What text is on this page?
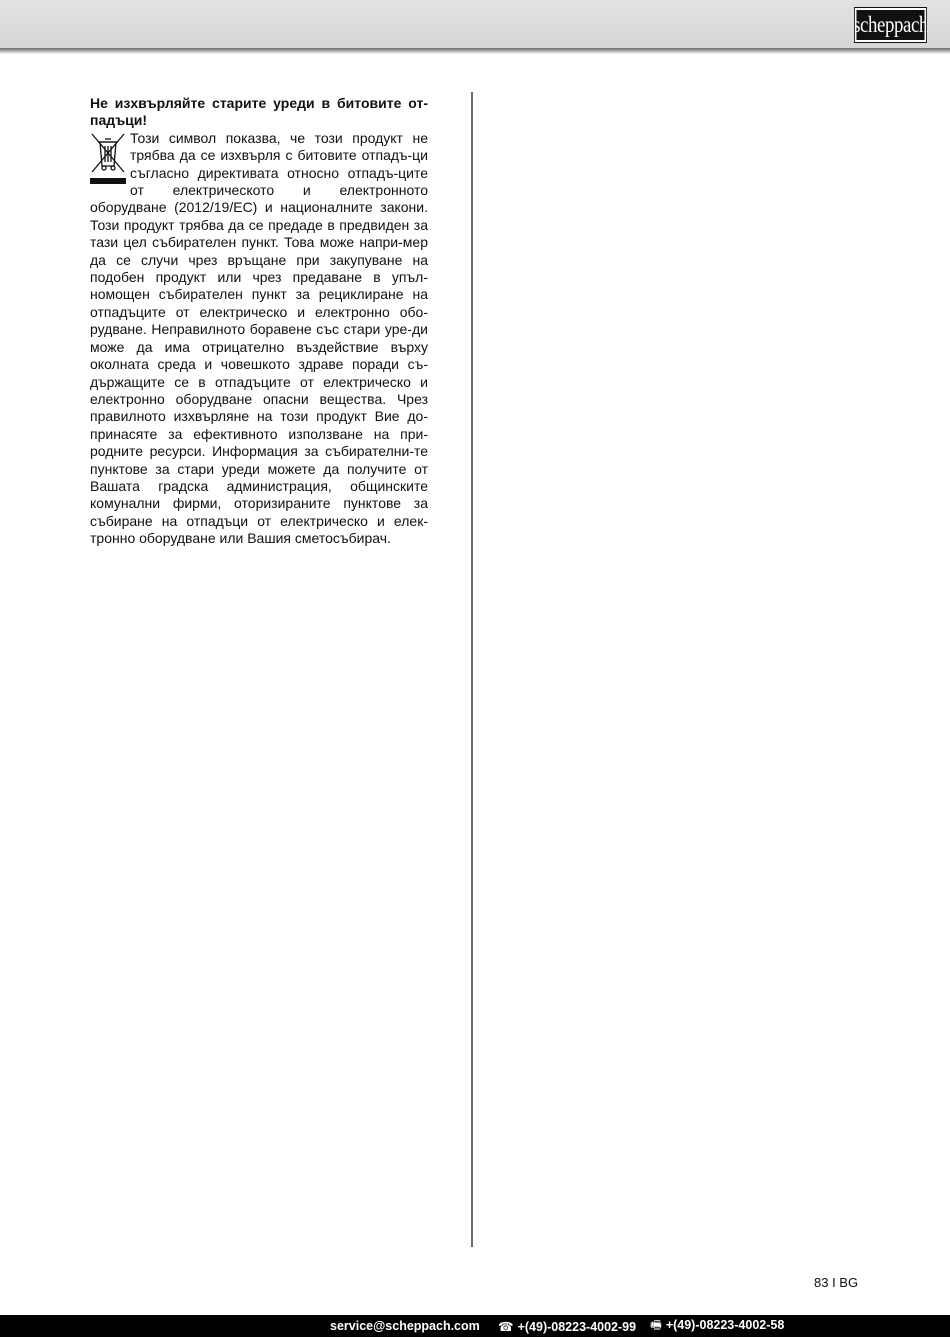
scheppach

Не изхвърляйте старите уреди в битовите от-падъци!

Този символ показва, че този продукт не трябва да се изхвърля с битовите отпадъ-ци съгласно директивата относно отпадъ-ците от електрическото и електронното оборудване (2012/19/ЕС) и националните закони. Този продукт трябва да се предаде в предвиден за тази цел събирателен пункт. Това може напри-мер да се случи чрез връщане при закупуване на подобен продукт или чрез предаване в упъл-номощен събирателен пункт за рециклиране на отпадъците от електрическо и електронно обо-рудване. Неправилното боравене със стари уре-ди може да има отрицателно въздействие върху околната среда и човешкото здраве поради съ-държащите се в отпадъците от електрическо и електронно оборудване опасни вещества. Чрез правилното изхвърляне на този продукт Вие до-принасяте за ефективното използване на при-родните ресурси. Информация за събирателни-те пунктове за стари уреди можете да получите от Вашата градска администрация, общинските комунални фирми, оторизираните пунктове за събиране на отпадъци от електрическо и елек-тронно оборудване или Вашия сметосъбирач.

83 I BG
service@scheppach.com ☎ +(49)-08223-4002-99 🖷 +(49)-08223-4002-58
